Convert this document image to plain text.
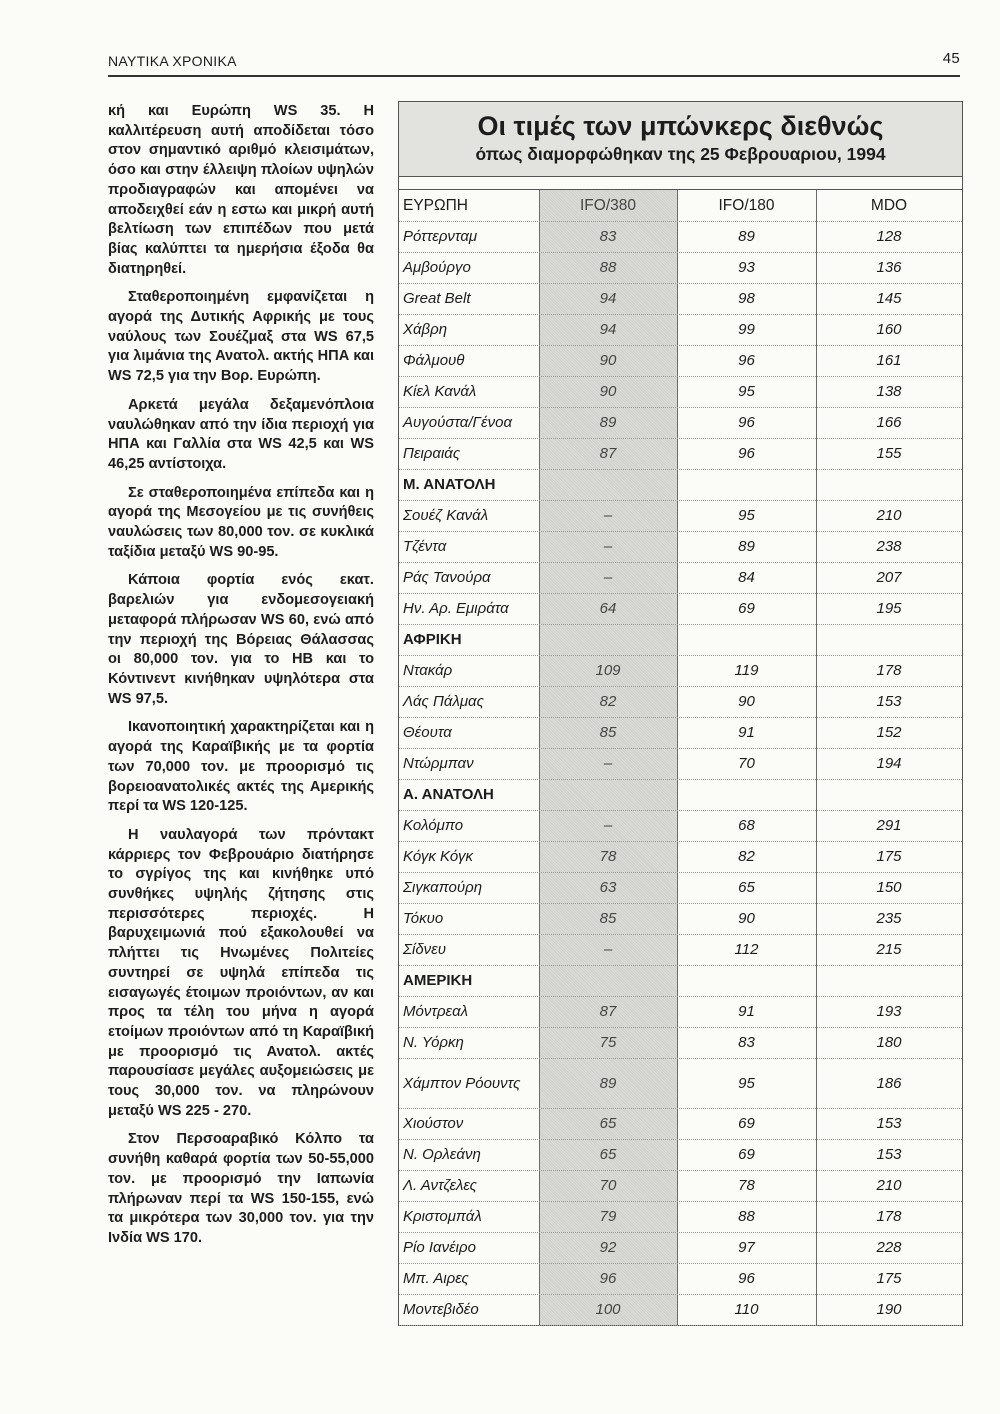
ΝΑΥΤΙΚΑ ΧΡΟΝΙΚΑ	45

κή και Ευρώπη WS 35. Η καλλιτέρευση αυτή αποδίδεται τόσο στον σημαντικό αριθμό κλεισιμάτων, όσο και στην έλλειψη πλοίων υψηλών προδιαγραφών και απομένει να αποδειχθεί εάν η εστω και μικρή αυτή βελτίωση των επιπέδων που μετά βίας καλύπτει τα ημερήσια έξοδα θα διατηρηθεί.

Σταθεροποιημένη εμφανίζεται η αγορά της Δυτικής Αφρικής με τους ναύλους των Σουέζμαξ στα WS 67,5 για λιμάνια της Ανατολ. ακτής ΗΠΑ και WS 72,5 για την Βορ. Ευρώπη.

Αρκετά μεγάλα δεξαμενόπλοια ναυλώθηκαν από την ίδια περιοχή για ΗΠΑ και Γαλλία στα WS 42,5 και WS 46,25 αντίστοιχα.

Σε σταθεροποιημένα επίπεδα και η αγορά της Μεσογείου με τις συνήθεις ναυλώσεις των 80,000 τον. σε κυκλικά ταξίδια μεταξύ WS 90-95.

Κάποια φορτία ενός εκατ. βαρελιών για ενδομεσογειακή μεταφορά πλήρωσαν WS 60, ενώ από την περιοχή της Βόρειας Θάλασσας οι 80,000 τον. για το ΗΒ και το Κόντινεντ κινήθηκαν υψηλότερα στα WS 97,5.

Ικανοποιητική χαρακτηρίζεται και η αγορά της Καραϊβικής με τα φορτία των 70,000 τον. με προορισμό τις βορειοανατολικές ακτές της Αμερικής περί τα WS 120-125.

Η ναυλαγορά των πρόντακτ κάρριερς τον Φεβρουάριο διατήρησε το σγρίγος της και κινήθηκε υπό συνθήκες υψηλής ζήτησης στις περισσότερες περιοχές. Η βαρυχειμωνιά πού εξακολουθεί να πλήττει τις Ηνωμένες Πολιτείες συντηρεί σε υψηλά επίπεδα τις εισαγωγές έτοιμων προιόντων, αν και προς τα τέλη του μήνα η αγορά ετοίμων προιόντων από τη Καραϊβική με προορισμό τις Ανατολ. ακτές παρουσίασε μεγάλες αυξομειώσεις με τους 30,000 τον. να πληρώνουν μεταξύ WS 225 - 270.

Στον Περσοαραβικό Κόλπο τα συνήθη καθαρά φορτία των 50-55,000 τον. με προορισμό την Ιαπωνία πλήρωναν περί τα WS 150-155, ενώ τα μικρότερα των 30,000 τον. για την Ινδία WS 170.

Οι τιμές των μπώνκερς διεθνώς
όπως διαμορφώθηκαν της 25 Φεβρουαριου, 1994
ΕΥΡΩΠΗ	IFO/380	IFO/180	MDO
Ρόττερνταμ	83	89	128
Αμβούργο	88	93	136
Great Belt	94	98	145
Χάβρη	94	99	160
Φάλμουθ	90	96	161
Κίελ Κανάλ	90	95	138
Αυγούστα/Γένοα	89	96	166
Πειραιάς	87	96	155
Μ. ΑΝΑΤΟΛΗ
Σουέζ Κανάλ	–	95	210
Τζέντα	–	89	238
Ράς Τανούρα	–	84	207
Ην. Αρ. Εμιράτα	64	69	195
ΑΦΡΙΚΗ
Ντακάρ	109	119	178
Λάς Πάλμας	82	90	153
Θέουτα	85	91	152
Ντώρμπαν	–	70	194
Α. ΑΝΑΤΟΛΗ
Κολόμπο	–	68	291
Κόγκ Κόγκ	78	82	175
Σιγκαπούρη	63	65	150
Τόκυο	85	90	235
Σίδνευ	–	112	215
ΑΜΕΡΙΚΗ
Μόντρεαλ	87	91	193
Ν. Υόρκη	75	83	180
Χάμπτον Ρόουντς	89	95	186
Χιούστον	65	69	153
Ν. Ορλεάνη	65	69	153
Λ. Αντζελες	70	78	210
Κριστομπάλ	79	88	178
Ρίο Ιανέιρο	92	97	228
Μπ. Αιρες	96	96	175
Μοντεβιδέο	100	110	190
